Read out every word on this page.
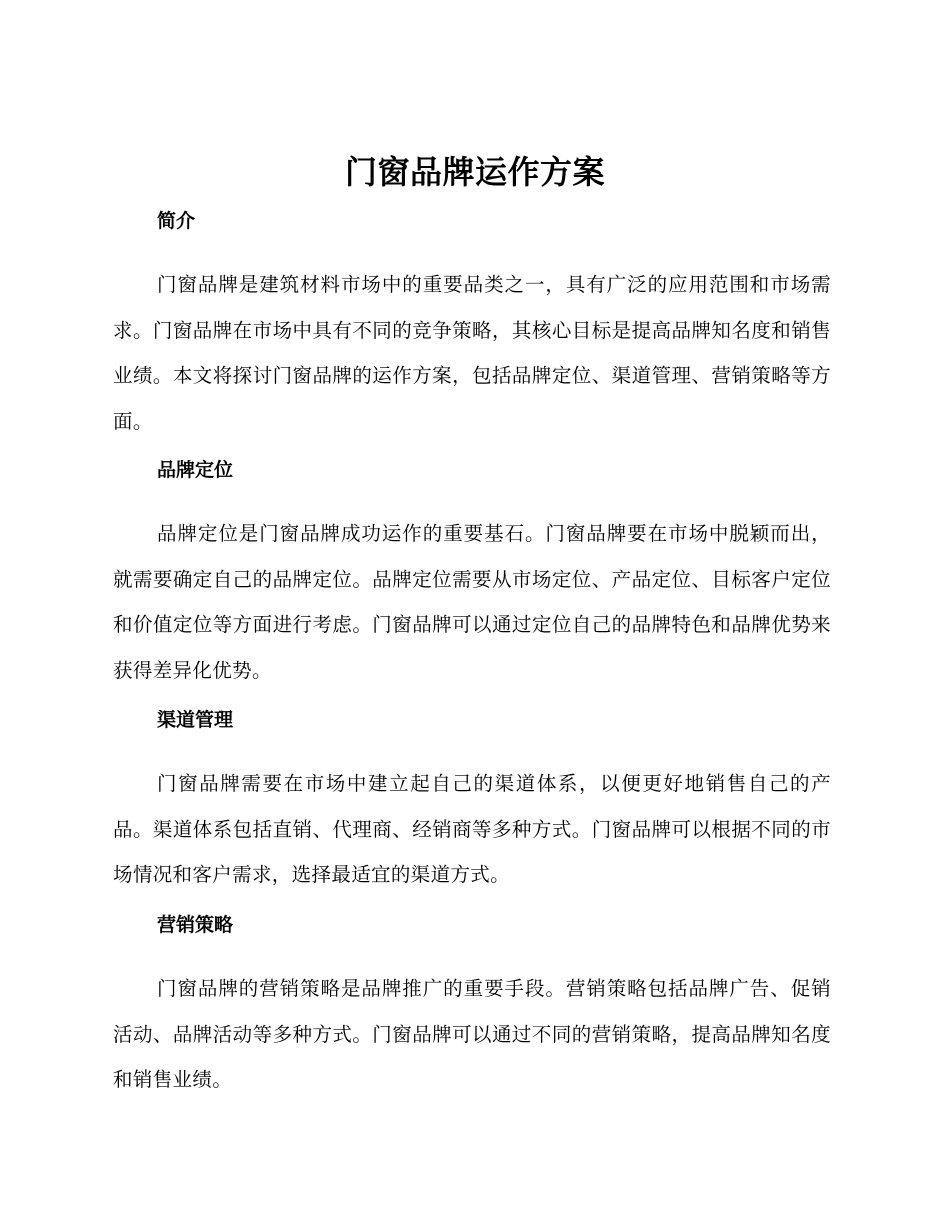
门窗品牌运作方案
简介

门窗品牌是建筑材料市场中的重要品类之一，具有广泛的应用范围和市场需求。门窗品牌在市场中具有不同的竞争策略，其核心目标是提高品牌知名度和销售业绩。本文将探讨门窗品牌的运作方案，包括品牌定位、渠道管理、营销策略等方面。

品牌定位

品牌定位是门窗品牌成功运作的重要基石。门窗品牌要在市场中脱颖而出，就需要确定自己的品牌定位。品牌定位需要从市场定位、产品定位、目标客户定位和价值定位等方面进行考虑。门窗品牌可以通过定位自己的品牌特色和品牌优势来获得差异化优势。

渠道管理

门窗品牌需要在市场中建立起自己的渠道体系，以便更好地销售自己的产品。渠道体系包括直销、代理商、经销商等多种方式。门窗品牌可以根据不同的市场情况和客户需求，选择最适宜的渠道方式。

营销策略

门窗品牌的营销策略是品牌推广的重要手段。营销策略包括品牌广告、促销活动、品牌活动等多种方式。门窗品牌可以通过不同的营销策略，提高品牌知名度和销售业绩。
